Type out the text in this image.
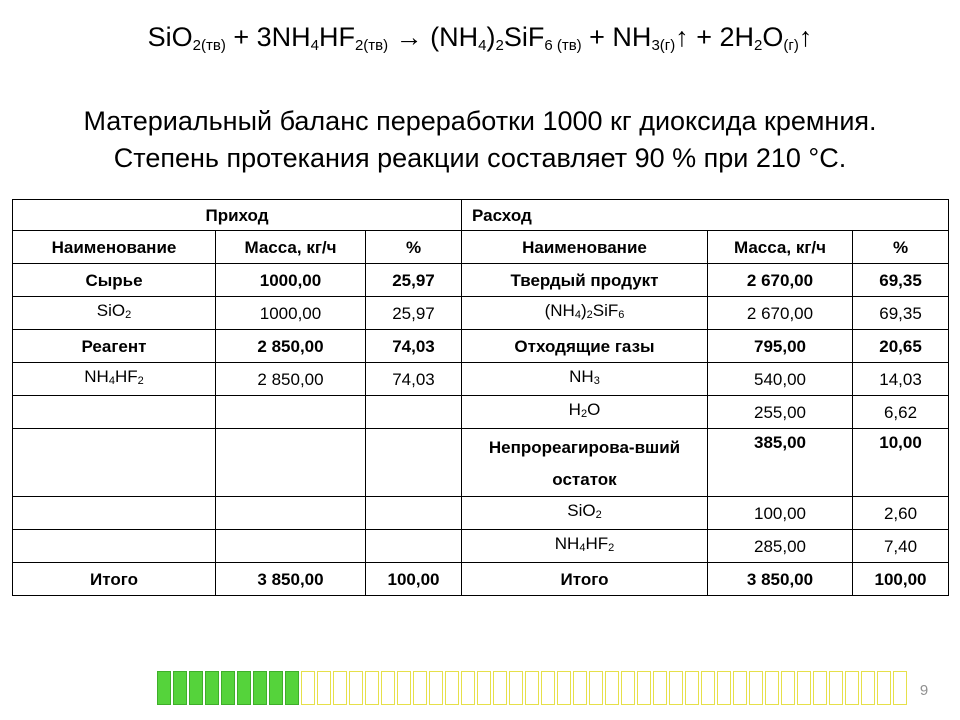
$SiO_{2(тв)} + 3NH_4HF_{2(тв)} \to (NH_4)_2SiF_{6 (тв)}$ + $NH_{3(г)}↑$ + $2H_2O_{(г)}↑$
Материальный баланс переработки 1000 кг диоксида кремния.
Степень протекания реакции составляет 90 % при 210 °С.
Приход			Расход		
Наименование	Масса, кг/ч	%	Наименование	Масса, кг/ч	%
Сырье	1000,00	25,97	Твердый продукт	2 670,00	69,35
SiO$_2$	1000,00	25,97	$(NH_4)_2SiF_6$	2 670,00	69,35
Реагент	2 850,00	74,03	Отходящие газы	795,00	20,65
$NH_4HF_2$	2 850,00	74,03	$NH_3$	540,00	14,03
			$H_2O$	255,00	6,62
			Непрореагирова-вший остаток	385,00	10,00
			SiO$_2$	100,00	2,60
			$NH_4HF_2$	285,00	7,40
Итого	3 850,00	100,00	Итого	3 850,00	100,00
9
